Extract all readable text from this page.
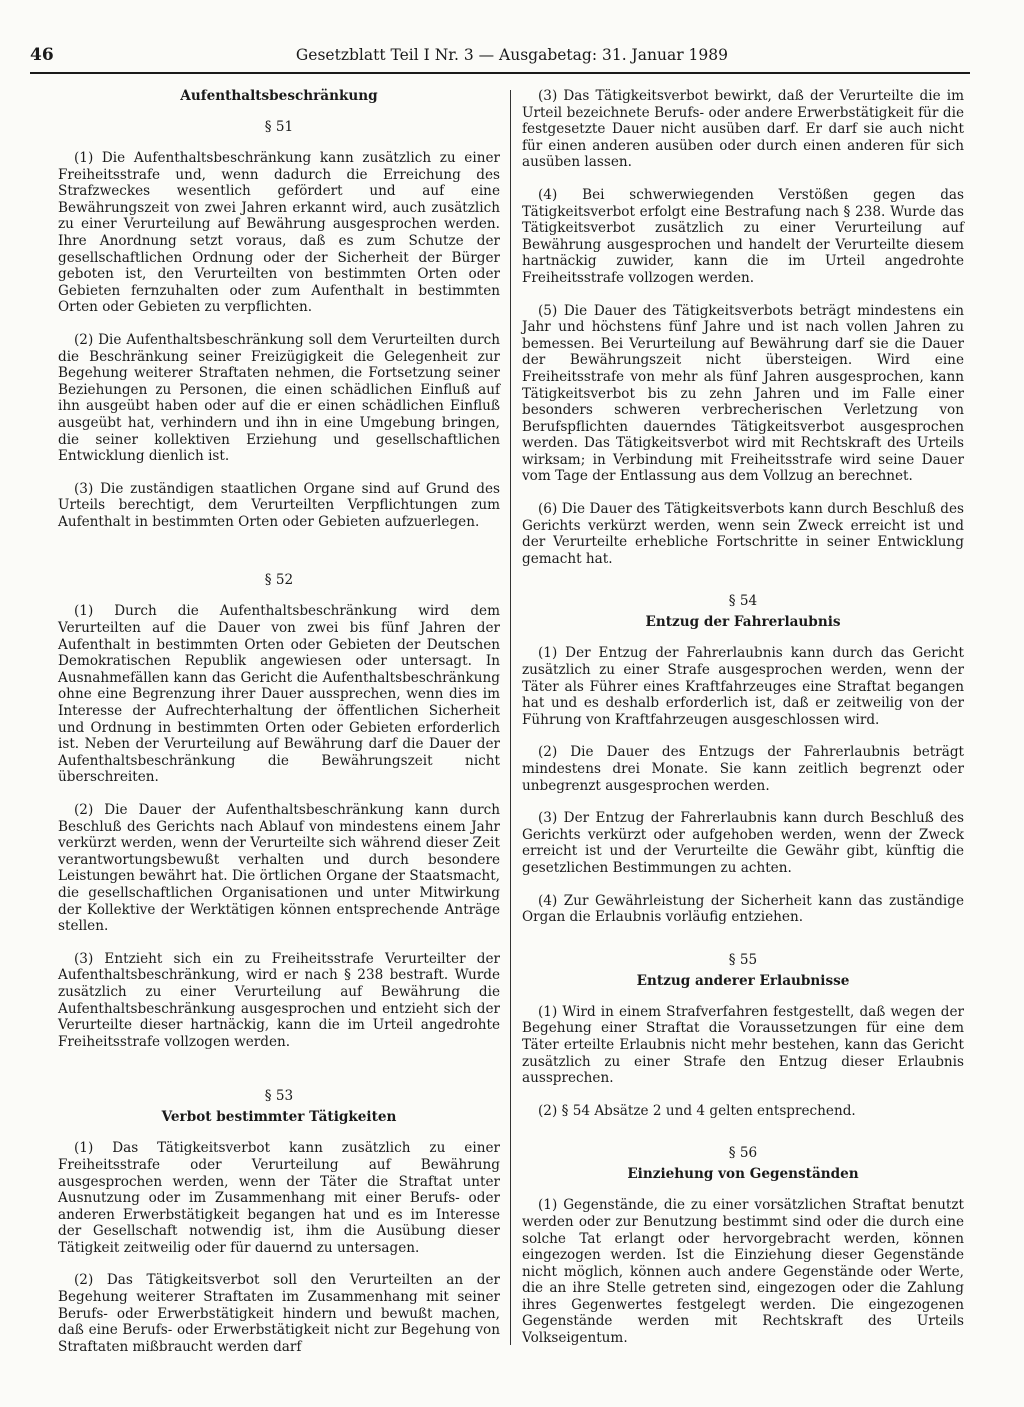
46	Gesetzblatt Teil I Nr. 3 — Ausgabetag: 31. Januar 1989
Aufenthaltsbeschränkung
§ 51

(1) Die Aufenthaltsbeschränkung kann zusätzlich zu einer Freiheitsstrafe und, wenn dadurch die Erreichung des Strafzweckes wesentlich gefördert und auf eine Bewährungszeit von zwei Jahren erkannt wird, auch zusätzlich zu einer Verurteilung auf Bewährung ausgesprochen werden. Ihre Anordnung setzt voraus, daß es zum Schutze der gesellschaftlichen Ordnung oder der Sicherheit der Bürger geboten ist, den Verurteilten von bestimmten Orten oder Gebieten fernzuhalten oder zum Aufenthalt in bestimmten Orten oder Gebieten zu verpflichten.

(2) Die Aufenthaltsbeschränkung soll dem Verurteilten durch die Beschränkung seiner Freizügigkeit die Gelegenheit zur Begehung weiterer Straftaten nehmen, die Fortsetzung seiner Beziehungen zu Personen, die einen schädlichen Einfluß auf ihn ausgeübt haben oder auf die er einen schädlichen Einfluß ausgeübt hat, verhindern und ihn in eine Umgebung bringen, die seiner kollektiven Erziehung und gesellschaftlichen Entwicklung dienlich ist.

(3) Die zuständigen staatlichen Organe sind auf Grund des Urteils berechtigt, dem Verurteilten Verpflichtungen zum Aufenthalt in bestimmten Orten oder Gebieten aufzuerlegen.

§ 52

(1) Durch die Aufenthaltsbeschränkung wird dem Verurteilten auf die Dauer von zwei bis fünf Jahren der Aufenthalt in bestimmten Orten oder Gebieten der Deutschen Demokratischen Republik angewiesen oder untersagt. In Ausnahmefällen kann das Gericht die Aufenthaltsbeschränkung ohne eine Begrenzung ihrer Dauer aussprechen, wenn dies im Interesse der Aufrechterhaltung der öffentlichen Sicherheit und Ordnung in bestimmten Orten oder Gebieten erforderlich ist. Neben der Verurteilung auf Bewährung darf die Dauer der Aufenthaltsbeschränkung die Bewährungszeit nicht überschreiten.

(2) Die Dauer der Aufenthaltsbeschränkung kann durch Beschluß des Gerichts nach Ablauf von mindestens einem Jahr verkürzt werden, wenn der Verurteilte sich während dieser Zeit verantwortungsbewußt verhalten und durch besondere Leistungen bewährt hat. Die örtlichen Organe der Staatsmacht, die gesellschaftlichen Organisationen und unter Mitwirkung der Kollektive der Werktätigen können entsprechende Anträge stellen.

(3) Entzieht sich ein zu Freiheitsstrafe Verurteilter der Aufenthaltsbeschränkung, wird er nach § 238 bestraft. Wurde zusätzlich zu einer Verurteilung auf Bewährung die Aufenthaltsbeschränkung ausgesprochen und entzieht sich der Verurteilte dieser hartnäckig, kann die im Urteil angedrohte Freiheitsstrafe vollzogen werden.

§ 53
Verbot bestimmter Tätigkeiten

(1) Das Tätigkeitsverbot kann zusätzlich zu einer Freiheitsstrafe oder Verurteilung auf Bewährung ausgesprochen werden, wenn der Täter die Straftat unter Ausnutzung oder im Zusammenhang mit einer Berufs- oder anderen Erwerbstätigkeit begangen hat und es im Interesse der Gesellschaft notwendig ist, ihm die Ausübung dieser Tätigkeit zeitweilig oder für dauernd zu untersagen.

(2) Das Tätigkeitsverbot soll den Verurteilten an der Begehung weiterer Straftaten im Zusammenhang mit seiner Berufs- oder Erwerbstätigkeit hindern und bewußt machen, daß eine Berufs- oder Erwerbstätigkeit nicht zur Begehung von Straftaten mißbraucht werden darf

(3) Das Tätigkeitsverbot bewirkt, daß der Verurteilte die im Urteil bezeichnete Berufs- oder andere Erwerbstätigkeit für die festgesetzte Dauer nicht ausüben darf. Er darf sie auch nicht für einen anderen ausüben oder durch einen anderen für sich ausüben lassen.

(4) Bei schwerwiegenden Verstößen gegen das Tätigkeitsverbot erfolgt eine Bestrafung nach § 238. Wurde das Tätigkeitsverbot zusätzlich zu einer Verurteilung auf Bewährung ausgesprochen und handelt der Verurteilte diesem hartnäckig zuwider, kann die im Urteil angedrohte Freiheitsstrafe vollzogen werden.

(5) Die Dauer des Tätigkeitsverbots beträgt mindestens ein Jahr und höchstens fünf Jahre und ist nach vollen Jahren zu bemessen. Bei Verurteilung auf Bewährung darf sie die Dauer der Bewährungszeit nicht übersteigen. Wird eine Freiheitsstrafe von mehr als fünf Jahren ausgesprochen, kann Tätigkeitsverbot bis zu zehn Jahren und im Falle einer besonders schweren verbrecherischen Verletzung von Berufspflichten dauerndes Tätigkeitsverbot ausgesprochen werden. Das Tätigkeitsverbot wird mit Rechtskraft des Urteils wirksam; in Verbindung mit Freiheitsstrafe wird seine Dauer vom Tage der Entlassung aus dem Vollzug an berechnet.

(6) Die Dauer des Tätigkeitsverbots kann durch Beschluß des Gerichts verkürzt werden, wenn sein Zweck erreicht ist und der Verurteilte erhebliche Fortschritte in seiner Entwicklung gemacht hat.

§ 54
Entzug der Fahrerlaubnis

(1) Der Entzug der Fahrerlaubnis kann durch das Gericht zusätzlich zu einer Strafe ausgesprochen werden, wenn der Täter als Führer eines Kraftfahrzeuges eine Straftat begangen hat und es deshalb erforderlich ist, daß er zeitweilig von der Führung von Kraftfahrzeugen ausgeschlossen wird.

(2) Die Dauer des Entzugs der Fahrerlaubnis beträgt mindestens drei Monate. Sie kann zeitlich begrenzt oder unbegrenzt ausgesprochen werden.

(3) Der Entzug der Fahrerlaubnis kann durch Beschluß des Gerichts verkürzt oder aufgehoben werden, wenn der Zweck erreicht ist und der Verurteilte die Gewähr gibt, künftig die gesetzlichen Bestimmungen zu achten.

(4) Zur Gewährleistung der Sicherheit kann das zuständige Organ die Erlaubnis vorläufig entziehen.

§ 55
Entzug anderer Erlaubnisse

(1) Wird in einem Strafverfahren festgestellt, daß wegen der Begehung einer Straftat die Voraussetzungen für eine dem Täter erteilte Erlaubnis nicht mehr bestehen, kann das Gericht zusätzlich zu einer Strafe den Entzug dieser Erlaubnis aussprechen.

(2) § 54 Absätze 2 und 4 gelten entsprechend.

§ 56
Einziehung von Gegenständen

(1) Gegenstände, die zu einer vorsätzlichen Straftat benutzt werden oder zur Benutzung bestimmt sind oder die durch eine solche Tat erlangt oder hervorgebracht werden, können eingezogen werden. Ist die Einziehung dieser Gegenstände nicht möglich, können auch andere Gegenstände oder Werte, die an ihre Stelle getreten sind, eingezogen oder die Zahlung ihres Gegenwertes festgelegt werden. Die eingezogenen Gegenstände werden mit Rechtskraft des Urteils Volkseigentum.
